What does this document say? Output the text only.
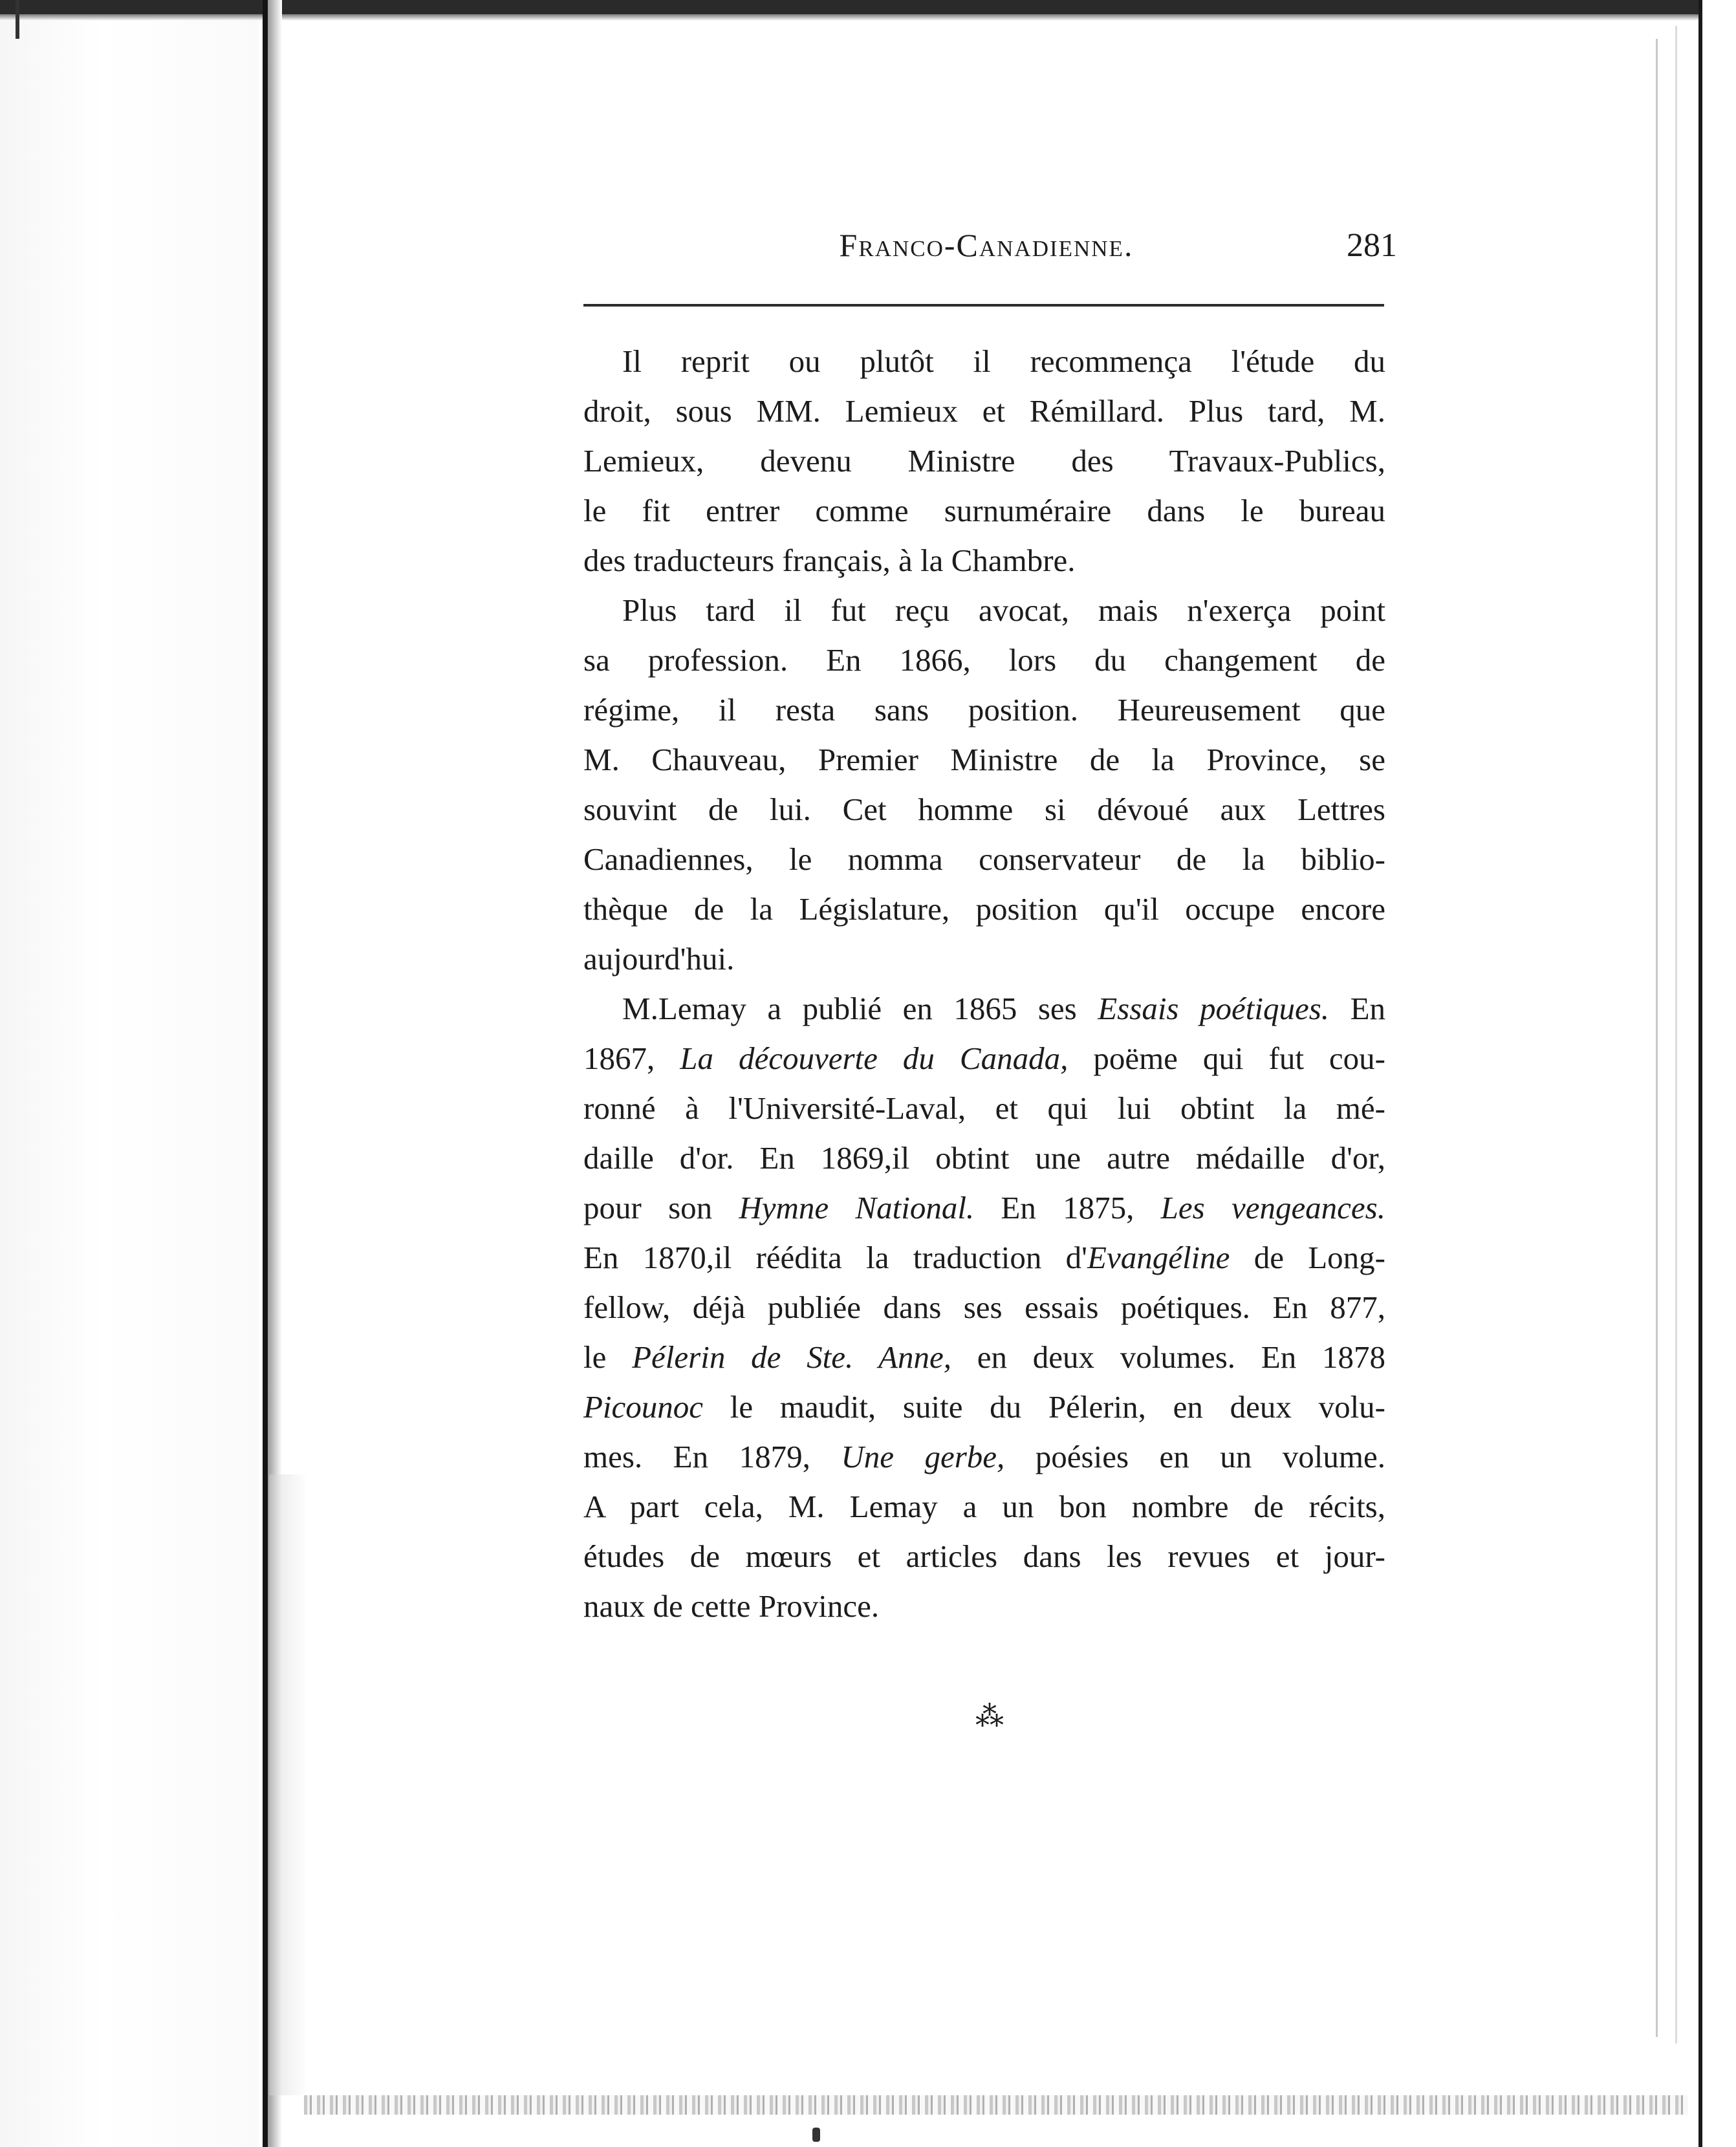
Franco-Canadienne.	281
Il reprit ou plutôt il recommença l'étude du
droit, sous MM. Lemieux et Rémillard. Plus tard, M.
Lemieux, devenu Ministre des Travaux-Publics,
le fit entrer comme surnuméraire dans le bureau
des traducteurs français, à la Chambre.
Plus tard il fut reçu avocat, mais n'exerça point
sa profession. En 1866, lors du changement de
régime, il resta sans position. Heureusement que
M. Chauveau, Premier Ministre de la Province, se
souvint de lui. Cet homme si dévoué aux Lettres
Canadiennes, le nomma conservateur de la biblio-
thèque de la Législature, position qu'il occupe encore
aujourd'hui.
M.Lemay a publié en 1865 ses Essais poétiques. En
1867, La découverte du Canada, poëme qui fut cou-
ronné à l'Université-Laval, et qui lui obtint la mé-
daille d'or. En 1869,il obtint une autre médaille d'or,
pour son Hymne National. En 1875, Les vengeances.
En 1870,il réédita la traduction d'Evangéline de Long-
fellow, déjà publiée dans ses essais poétiques. En 877,
le Pélerin de Ste. Anne, en deux volumes. En 1878
Picounoc le maudit, suite du Pélerin, en deux volu-
mes. En 1879, Une gerbe, poésies en un volume.
A part cela, M. Lemay a un bon nombre de récits,
études de mœurs et articles dans les revues et jour-
naux de cette Province.
⁂
